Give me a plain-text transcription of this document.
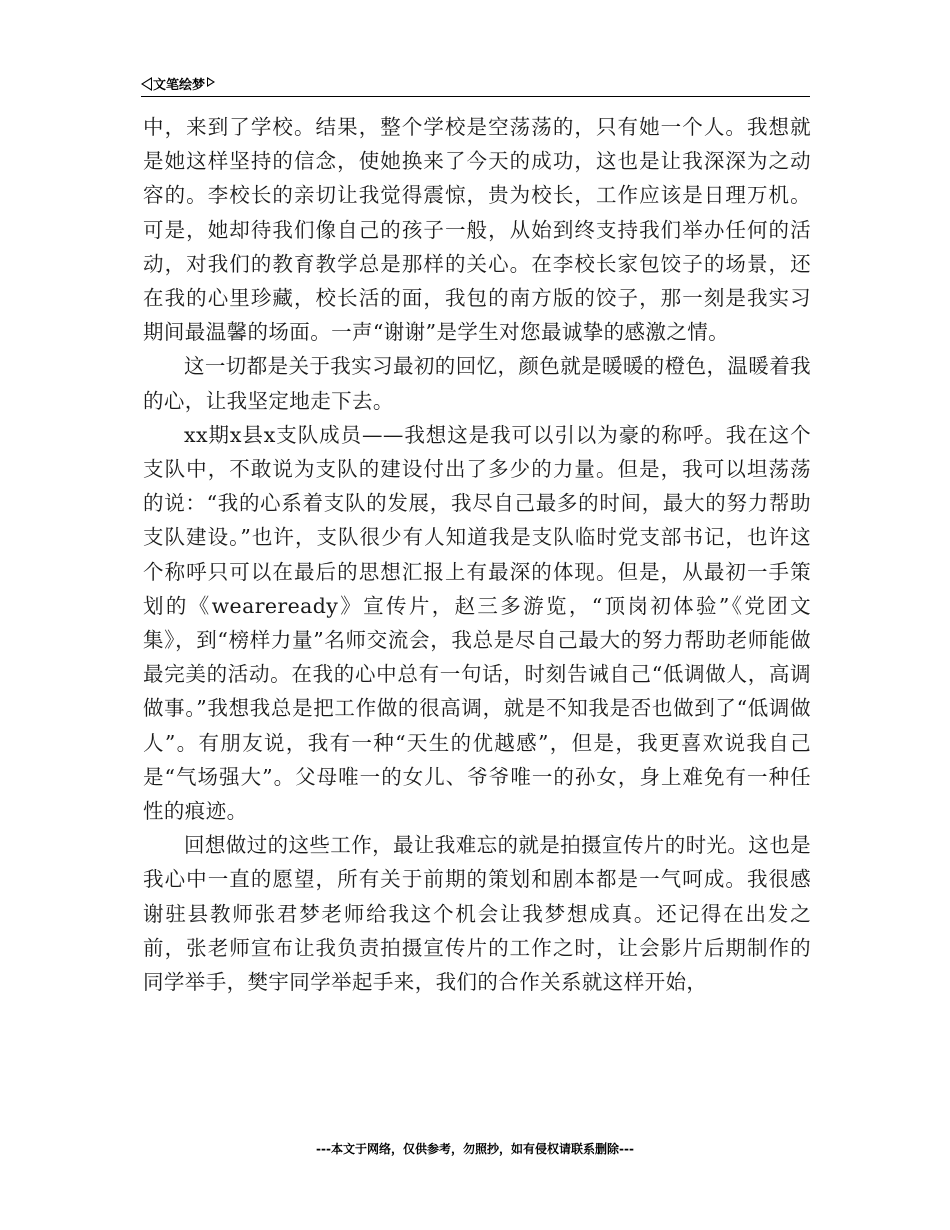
文笔绘梦

中，来到了学校。结果，整个学校是空荡荡的，只有她一个人。我想就是她这样坚持的信念，使她换来了今天的成功，这也是让我深深为之动容的。李校长的亲切让我觉得震惊，贵为校长，工作应该是日理万机。可是，她却待我们像自己的孩子一般，从始到终支持我们举办任何的活动，对我们的教育教学总是那样的关心。在李校长家包饺子的场景，还在我的心里珍藏，校长活的面，我包的南方版的饺子，那一刻是我实习期间最温馨的场面。一声“谢谢”是学生对您最诚挚的感激之情。

这一切都是关于我实习最初的回忆，颜色就是暖暖的橙色，温暖着我的心，让我坚定地走下去。

xx期x县x支队成员——我想这是我可以引以为豪的称呼。我在这个支队中，不敢说为支队的建设付出了多少的力量。但是，我可以坦荡荡的说：“我的心系着支队的发展，我尽自己最多的时间，最大的努力帮助支队建设。”也许，支队很少有人知道我是支队临时党支部书记，也许这个称呼只可以在最后的思想汇报上有最深的体现。但是，从最初一手策划的《weareready》宣传片，赵三多游览，“顶岗初体验”《党团文集》，到“榜样力量”名师交流会，我总是尽自己最大的努力帮助老师能做最完美的活动。在我的心中总有一句话，时刻告诫自己“低调做人，高调做事。”我想我总是把工作做的很高调，就是不知我是否也做到了“低调做人”。有朋友说，我有一种“天生的优越感”，但是，我更喜欢说我自己是“气场强大”。父母唯一的女儿、爷爷唯一的孙女，身上难免有一种任性的痕迹。

回想做过的这些工作，最让我难忘的就是拍摄宣传片的时光。这也是我心中一直的愿望，所有关于前期的策划和剧本都是一气呵成。我很感谢驻县教师张君梦老师给我这个机会让我梦想成真。还记得在出发之前，张老师宣布让我负责拍摄宣传片的工作之时，让会影片后期制作的同学举手，樊宇同学举起手来，我们的合作关系就这样开始，

---本文于网络，仅供参考，勿照抄，如有侵权请联系删除---
